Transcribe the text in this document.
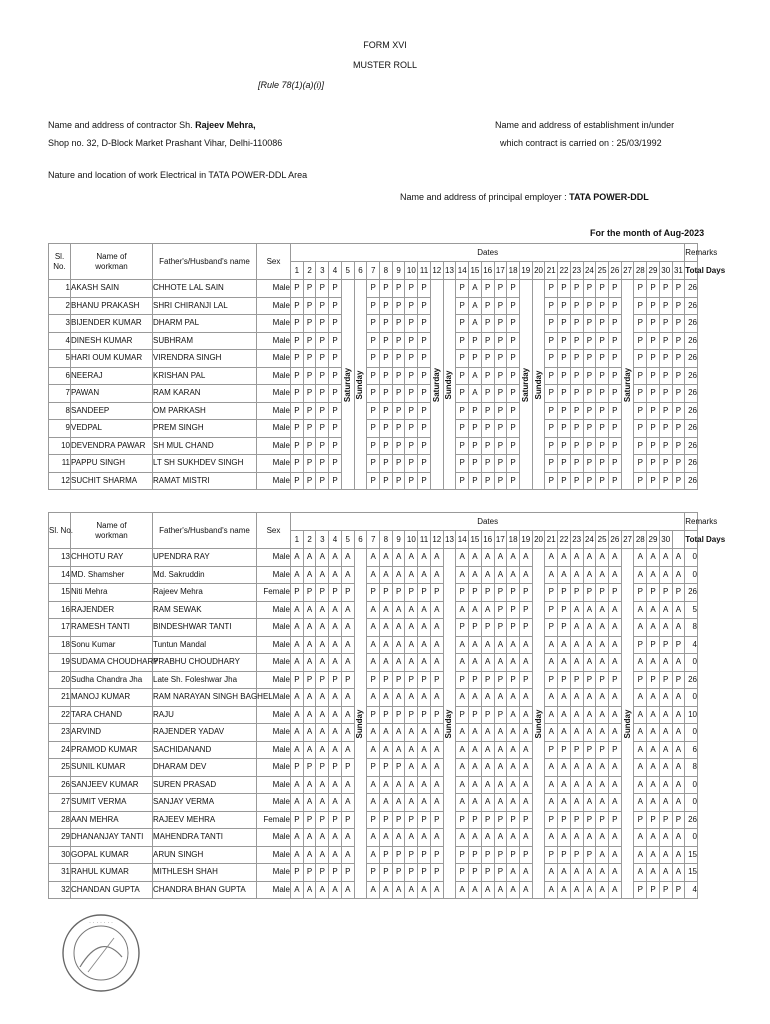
FORM XVI
MUSTER ROLL
[Rule 78(1)(a)(i)]
Name and address of contractor Sh. Rajeev Mehra,
Shop no. 32, D-Block Market Prashant Vihar, Delhi-110086
Name and address of establishment in/under
which contract is carried on : 25/03/1992
Nature and location of work Electrical in TATA POWER-DDL Area
Name and address of principal employer : TATA POWER-DDL
For the month of Aug-2023
Sl.
No.	Name of
workman	Father's/Husband's name	Sex	Dates																															Remarks
				1	2	3	4	5	6	7	8	9	10	11	12	13	14	15	16	17	18	19	20	21	22	23	24	25	26	27	28	29	30	31	Total Days
1	AKASH SAIN	CHHOTE LAL SAIN	Male	P	P	P	P	Saturday	Sunday	P	P	P	P	P	Saturday	Sunday	P	A	P	P	P	Saturday	Sunday	P	P	P	P	P	P	Saturday	P	P	P	P	26
2	BHANU PRAKASH	SHRI CHIRANJI LAL	Male	P	P	P	P			P	P	P	P	P			P	A	P	P	P			P	P	P	P	P	P		P	P	P	P	26
3	BIJENDER KUMAR	DHARM PAL	Male	P	P	P	P			P	P	P	P	P			P	A	P	P	P			P	P	P	P	P	P		P	P	P	P	26
4	DINESH KUMAR	SUBHRAM	Male	P	P	P	P			P	P	P	P	P			P	P	P	P	P			P	P	P	P	P	P		P	P	P	P	26
5	HARI OUM KUMAR	VIRENDRA SINGH	Male	P	P	P	P			P	P	P	P	P			P	P	P	P	P			P	P	P	P	P	P		P	P	P	P	26
6	NEERAJ	KRISHAN PAL	Male	P	P	P	P			P	P	P	P	P			P	A	P	P	P			P	P	P	P	P	P		P	P	P	P	26
7	PAWAN	RAM KARAN	Male	P	P	P	P			P	P	P	P	P			P	A	P	P	P			P	P	P	P	P	P		P	P	P	P	26
8	SANDEEP	OM PARKASH	Male	P	P	P	P			P	P	P	P	P			P	P	P	P	P			P	P	P	P	P	P		P	P	P	P	26
9	VEDPAL	PREM SINGH	Male	P	P	P	P			P	P	P	P	P			P	P	P	P	P			P	P	P	P	P	P		P	P	P	P	26
10	DEVENDRA PAWAR	SH MUL CHAND	Male	P	P	P	P			P	P	P	P	P			P	P	P	P	P			P	P	P	P	P	P		P	P	P	P	26
11	PAPPU SINGH	LT SH SUKHDEV SINGH	Male	P	P	P	P			P	P	P	P	P			P	P	P	P	P			P	P	P	P	P	P		P	P	P	P	26
12	SUCHIT SHARMA	RAMAT MISTRI	Male	P	P	P	P			P	P	P	P	P			P	P	P	P	P			P	P	P	P	P	P		P	P	P	P	26
Sl. No.	Name of
workman	Father's/Husband's name	Sex	Dates																															Remarks
				1	2	3	4	5	6	7	8	9	10	11	12	13	14	15	16	17	18	19	20	21	22	23	24	25	26	27	28	29	30		Total Days
13	CHHOTU RAY	UPENDRA RAY	Male	A	A	A	A	A	Sunday	A	A	A	A	A	A	Sunday	A	A	A	A	A	A	Sunday	A	A	A	A	A	A	Sunday	A	A	A	A	0
14	MD. Shamsher	Md. Sakruddin	Male	A	A	A	A	A		A	A	A	A	A	A		A	A	A	A	A	A		A	A	A	A	A	A		A	A	A	A	0
15	Niti Mehra	Rajeev Mehra	Female	P	P	P	P	P		P	P	P	P	P	P		P	P	P	P	P	P		P	P	P	P	P	P		P	P	P	P	26
16	RAJENDER	RAM SEWAK	Male	A	A	A	A	A		A	A	A	A	A	A		A	A	A	P	P	P		P	P	A	A	A	A		A	A	A	A	5
17	RAMESH TANTI	BINDESHWAR TANTI	Male	A	A	A	A	A		A	A	A	A	A	A		P	P	P	P	P	P		P	P	A	A	A	A		A	A	A	A	8
18	Sonu Kumar	Tuntun Mandal	Male	A	A	A	A	A		A	A	A	A	A	A		A	A	A	A	A	A		A	A	A	A	A	A		P	P	P	P	4
19	SUDAMA CHOUDHARY	PRABHU CHOUDHARY	Male	A	A	A	A	A		A	A	A	A	A	A		A	A	A	A	A	A		A	A	A	A	A	A		A	A	A	A	0
20	Sudha Chandra Jha	Late Sh. Foleshwar Jha	Male	P	P	P	P	P		P	P	P	P	P	P		P	P	P	P	P	P		P	P	P	P	P	P		P	P	P	P	26
21	MANOJ KUMAR	RAM NARAYAN SINGH BAGHEL	Male	A	A	A	A	A		A	A	A	A	A	A		A	A	A	A	A	A		A	A	A	A	A	A		A	A	A	A	0
22	TARA CHAND	RAJU	Male	A	A	A	A	A		P	P	P	P	P	P		P	P	P	P	A	A		A	A	A	A	A	A		A	A	A	A	10
23	ARVIND	RAJENDER YADAV	Male	A	A	A	A	A		A	A	A	A	A	A		A	A	A	A	A	A		A	A	A	A	A	A		A	A	A	A	0
24	PRAMOD KUMAR	SACHIDANAND	Male	A	A	A	A	A		A	A	A	A	A	A		A	A	A	A	A	A		P	P	P	P	P	P		A	A	A	A	6
25	SUNIL KUMAR	DHARAM DEV	Male	P	P	P	P	P		P	P	P	A	A	A		A	A	A	A	A	A		A	A	A	A	A	A		A	A	A	A	8
26	SANJEEV KUMAR	SUREN PRASAD	Male	A	A	A	A	A		A	A	A	A	A	A		A	A	A	A	A	A		A	A	A	A	A	A		A	A	A	A	0
27	SUMIT VERMA	SANJAY VERMA	Male	A	A	A	A	A		A	A	A	A	A	A		A	A	A	A	A	A		A	A	A	A	A	A		A	A	A	A	0
28	AAN MEHRA	RAJEEV MEHRA	Female	P	P	P	P	P		P	P	P	P	P	P		P	P	P	P	P	P		P	P	P	P	P	P		P	P	P	P	26
29	DHANANJAY TANTI	MAHENDRA TANTI	Male	A	A	A	A	A		A	A	A	A	A	A		A	A	A	A	A	A		A	A	A	A	A	A		A	A	A	A	0
30	GOPAL KUMAR	ARUN SINGH	Male	A	A	A	A	A		A	P	P	P	P	P		P	P	P	P	P	P		P	P	P	P	A	A		A	A	A	A	15
31	RAHUL KUMAR	MITHLESH SHAH	Male	P	P	P	P	P		P	P	P	P	P	P		P	P	P	P	A	A		A	A	A	A	A	A		A	A	A	A	15
32	CHANDAN GUPTA	CHANDRA BHAN GUPTA	Male	A	A	A	A	A		A	A	A	A	A	A		A	A	A	A	A	A		A	A	A	A	A	A		P	P	P	P	4
· · · · · · ·
